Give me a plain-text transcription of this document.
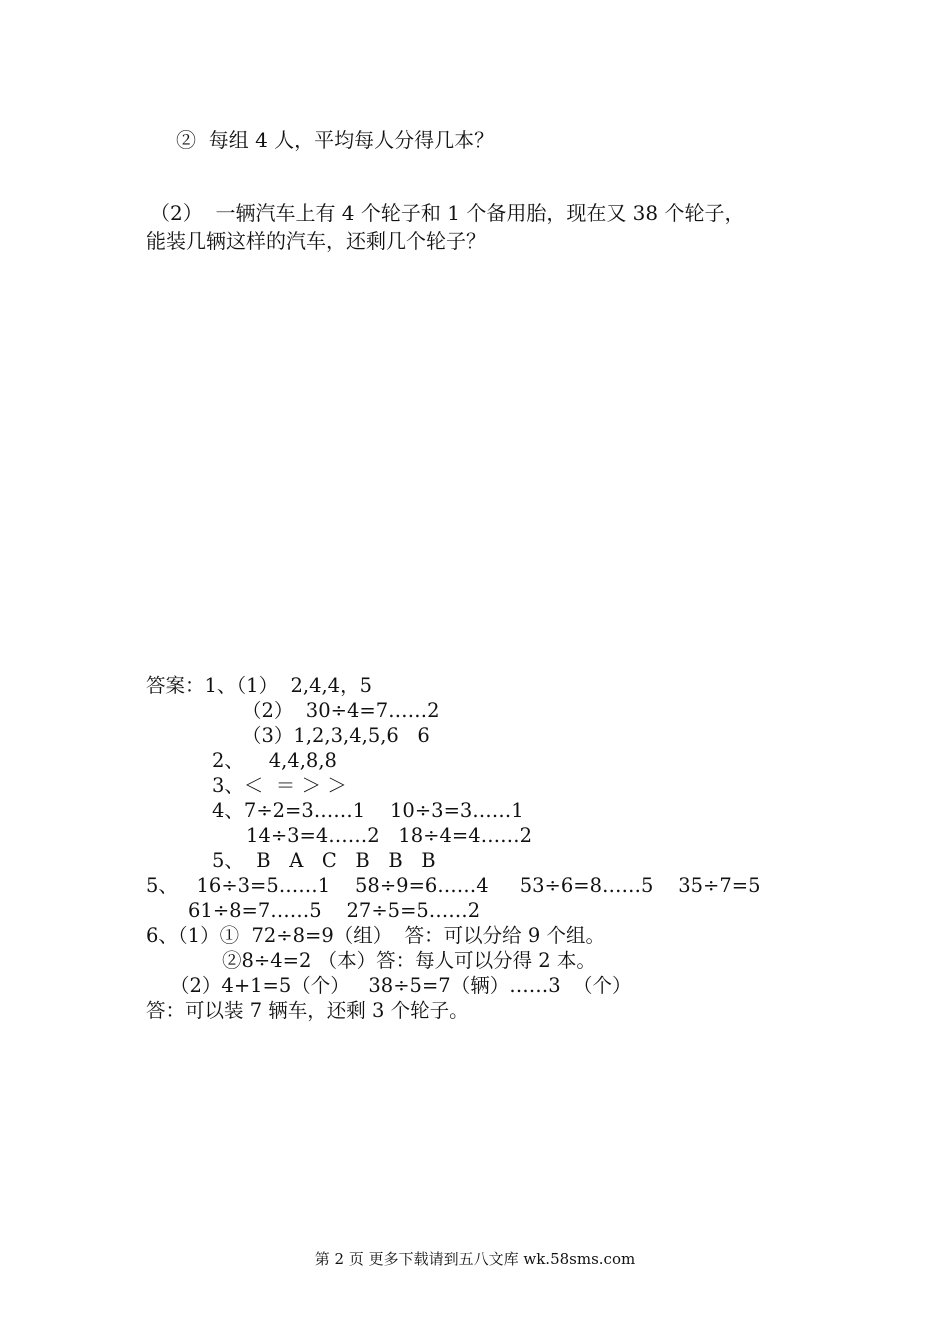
②  每组 4 人，平均每人分得几本？
（2）  一辆汽车上有 4 个轮子和 1 个备用胎，现在又 38 个轮子，
能装几辆这样的汽车，还剩几个轮子？
答案：1、（1）  2,4,4，5
（2）  30÷4=7……2
（3）1,2,3,4,5,6   6
2、    4,4,8,8
3、＜  ＝ ＞ ＞
4、7÷2=3……1    10÷3=3……1
14÷3=4……2   18÷4=4……2
5、  B   A   C   B   B   B
5、   16÷3=5……1    58÷9=6……4     53÷6=8……5    35÷7=5
61÷8=7……5    27÷5=5……2
6、（1）①  72÷8=9（组）  答：可以分给 9 个组。
②8÷4=2 （本）答：每人可以分得 2 本。
（2）4+1=5（个）   38÷5=7（辆）……3  （个）
答：可以装 7 辆车，还剩 3 个轮子。
第 2 页 更多下载请到五八文库 wk.58sms.com
